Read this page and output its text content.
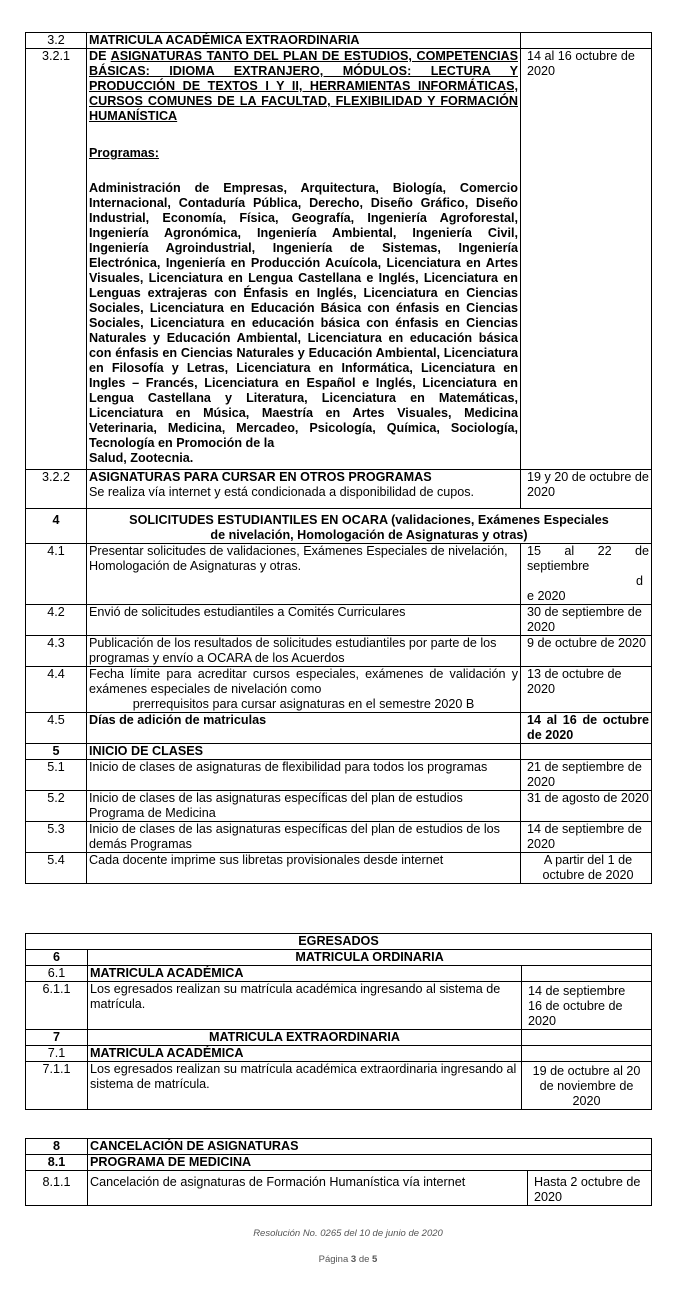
3.2	MATRICULA ACADÉMICA EXTRAORDINARIA	
3.2.1	DE ASIGNATURAS TANTO DEL PLAN DE ESTUDIOS, COMPETENCIAS BÁSICAS: IDIOMA EXTRANJERO, MÓDULOS: LECTURA Y PRODUCCIÓN DE TEXTOS I Y II, HERRAMIENTAS INFORMÁTICAS, CURSOS COMUNES DE LA FACULTAD, FLEXIBILIDAD Y FORMACIÓN HUMANÍSTICA
Programas:
Administración de Empresas, Arquitectura, Biología, Comercio Internacional, Contaduría Pública, Derecho, Diseño Gráfico, Diseño Industrial, Economía, Física, Geografía, Ingeniería Agroforestal, Ingeniería Agronómica, Ingeniería Ambiental, Ingeniería Civil, Ingeniería Agroindustrial, Ingeniería de Sistemas, Ingeniería Electrónica, Ingeniería en Producción Acuícola, Licenciatura en Artes Visuales, Licenciatura en Lengua Castellana e Inglés, Licenciatura en Lenguas extrajeras con Énfasis en Inglés, Licenciatura en Ciencias Sociales, Licenciatura en Educación Básica con énfasis en Ciencias Sociales, Licenciatura en educación básica con énfasis en Ciencias Naturales y Educación Ambiental, Licenciatura en educación básica con énfasis en Ciencias Naturales y Educación Ambiental, Licenciatura en Filosofía y Letras, Licenciatura en Informática, Licenciatura en Ingles – Francés, Licenciatura en Español e Inglés, Licenciatura en Lengua Castellana y Literatura, Licenciatura en Matemáticas, Licenciatura en Música, Maestría en Artes Visuales, Medicina Veterinaria, Medicina, Mercadeo, Psicología, Química, Sociología, Tecnología en Promoción de la
Salud, Zootecnia.	14 al 16 octubre de 2020
3.2.2	ASIGNATURAS PARA CURSAR EN OTROS PROGRAMAS
Se realiza vía internet y está condicionada a disponibilidad de cupos.	19 y 20 de octubre de 2020
4	SOLICITUDES ESTUDIANTILES EN OCARA (validaciones, Exámenes Especiales
de nivelación, Homologación de Asignaturas y otras)	

4.1	Presentar solicitudes de validaciones, Exámenes Especiales de nivelación, Homologación de Asignaturas y otras.	15 al 22 de septiembre
d
e 2020

4.2	Envió de solicitudes estudiantiles a Comités Curriculares	30 de septiembre de 2020
4.3	Publicación de los resultados de solicitudes estudiantiles por parte de los programas y envío a OCARA de los Acuerdos	9 de octubre de 2020
4.4	Fecha límite para acreditar cursos especiales, exámenes de validación y exámenes especiales de nivelación como
prerrequisitos para cursar asignaturas en el semestre 2020 B	13 de octubre de 2020
4.5	Días de adición de matriculas	14 al 16 de octubre de 2020
5	INICIO DE CLASES	
5.1	Inicio de clases de asignaturas de flexibilidad para todos los programas	21 de septiembre de 2020
5.2	Inicio de clases de las asignaturas específicas del plan de estudios Programa de Medicina	31 de agosto de 2020
5.3	Inicio de clases de las asignaturas específicas del plan de estudios de los demás Programas	14 de septiembre de 2020
5.4	Cada docente imprime sus libretas provisionales desde internet	A partir del 1 de octubre de 2020
EGRESADOS		
6	MATRICULA ORDINARIA	
6.1	MATRICULA ACADÉMICA	
6.1.1	Los egresados realizan su matrícula académica ingresando al sistema de matrícula.	14 de septiembre
16 de octubre de 2020

7	MATRICULA EXTRAORDINARIA	
7.1	MATRICULA ACADÉMICA	
7.1.1	Los egresados realizan su matrícula académica extraordinaria ingresando al sistema de matrícula.	19 de octubre al 20 de noviembre de 2020
8	CANCELACIÓN DE ASIGNATURAS	
8.1	PROGRAMA DE MEDICINA	
8.1.1	Cancelación de asignaturas de Formación Humanística vía internet	Hasta 2 octubre de 2020
Resolución No. 0265 del 10 de junio de 2020
Página 3 de 5
